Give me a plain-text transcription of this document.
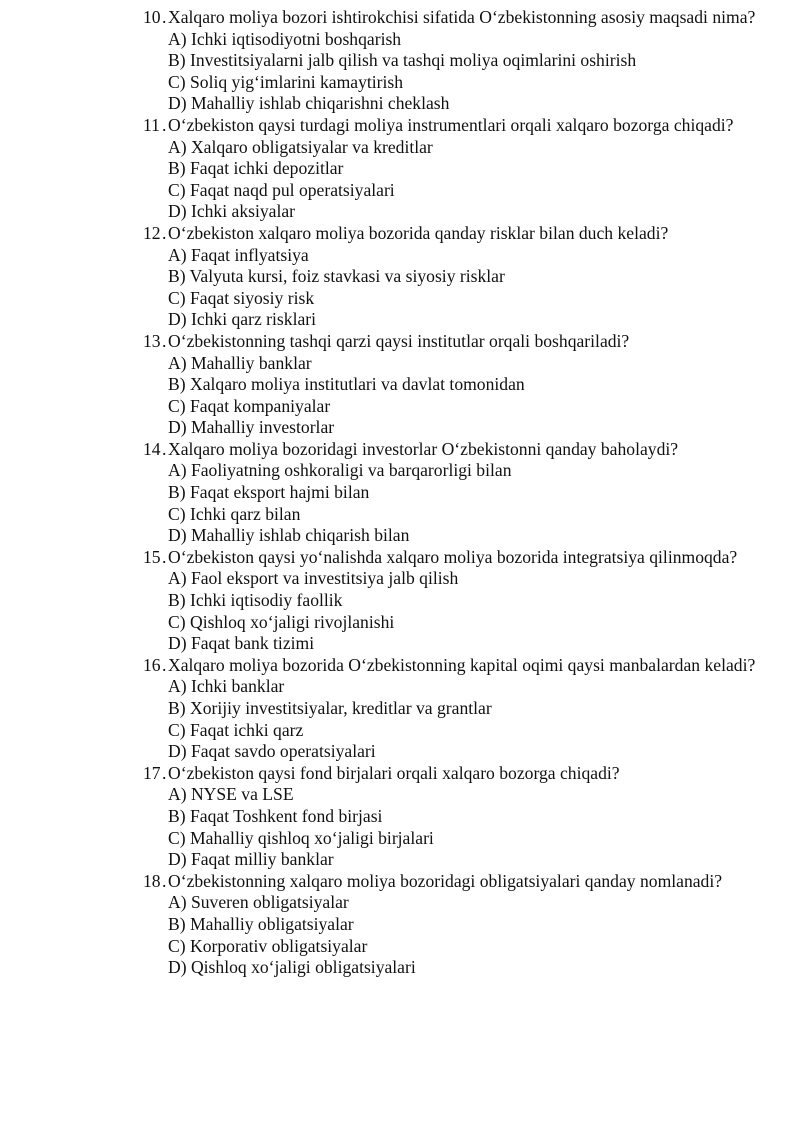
10 . Xalqaro moliya bozori ishtirokchisi sifatida O‘zbekistonning asosiy maqsadi nima?
A) Ichki iqtisodiyotni boshqarish
B) Investitsiyalarni jalb qilish va tashqi moliya oqimlarini oshirish
C) Soliq yig‘imlarini kamaytirish
D) Mahalliy ishlab chiqarishni cheklash
11 . O‘zbekiston qaysi turdagi moliya instrumentlari orqali xalqaro bozorga chiqadi?
A) Xalqaro obligatsiyalar va kreditlar
B) Faqat ichki depozitlar
C) Faqat naqd pul operatsiyalari
D) Ichki aksiyalar
12 . O‘zbekiston xalqaro moliya bozorida qanday risklar bilan duch keladi?
A) Faqat inflyatsiya
B) Valyuta kursi, foiz stavkasi va siyosiy risklar
C) Faqat siyosiy risk
D) Ichki qarz risklari
13 . O‘zbekistonning tashqi qarzi qaysi institutlar orqali boshqariladi?
A) Mahalliy banklar
B) Xalqaro moliya institutlari va davlat tomonidan
C) Faqat kompaniyalar
D) Mahalliy investorlar
14 . Xalqaro moliya bozoridagi investorlar O‘zbekistonni qanday baholaydi?
A) Faoliyatning oshkoraligi va barqarorligi bilan
B) Faqat eksport hajmi bilan
C) Ichki qarz bilan
D) Mahalliy ishlab chiqarish bilan
15 . O‘zbekiston qaysi yo‘nalishda xalqaro moliya bozorida integratsiya qilinmoqda?
A) Faol eksport va investitsiya jalb qilish
B) Ichki iqtisodiy faollik
C) Qishloq xo‘jaligi rivojlanishi
D) Faqat bank tizimi
16 . Xalqaro moliya bozorida O‘zbekistonning kapital oqimi qaysi manbalardan keladi?
A) Ichki banklar
B) Xorijiy investitsiyalar, kreditlar va grantlar
C) Faqat ichki qarz
D) Faqat savdo operatsiyalari
17 . O‘zbekiston qaysi fond birjalari orqali xalqaro bozorga chiqadi?
A) NYSE va LSE
B) Faqat Toshkent fond birjasi
C) Mahalliy qishloq xo‘jaligi birjalari
D) Faqat milliy banklar
18 . O‘zbekistonning xalqaro moliya bozoridagi obligatsiyalari qanday nomlanadi?
A) Suveren obligatsiyalar
B) Mahalliy obligatsiyalar
C) Korporativ obligatsiyalar
D) Qishloq xo‘jaligi obligatsiyalari
